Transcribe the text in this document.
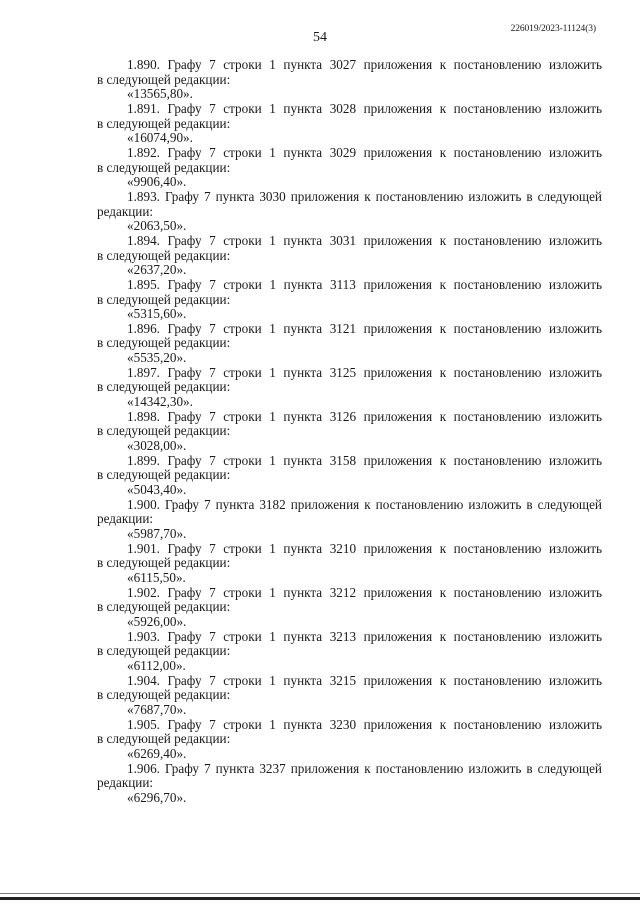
54
226019/2023-11124(3)
1.890. Графу 7 строки 1 пункта 3027 приложения к постановлению изложить
в следующей редакции:
«13565,80».
1.891. Графу 7 строки 1 пункта 3028 приложения к постановлению изложить
в следующей редакции:
«16074,90».
1.892. Графу 7 строки 1 пункта 3029 приложения к постановлению изложить
в следующей редакции:
«9906,40».
1.893. Графу 7 пункта 3030 приложения к постановлению изложить в следующей
редакции:
«2063,50».
1.894. Графу 7 строки 1 пункта 3031 приложения к постановлению изложить
в следующей редакции:
«2637,20».
1.895. Графу 7 строки 1 пункта 3113 приложения к постановлению изложить
в следующей редакции:
«5315,60».
1.896. Графу 7 строки 1 пункта 3121 приложения к постановлению изложить
в следующей редакции:
«5535,20».
1.897. Графу 7 строки 1 пункта 3125 приложения к постановлению изложить
в следующей редакции:
«14342,30».
1.898. Графу 7 строки 1 пункта 3126 приложения к постановлению изложить
в следующей редакции:
«3028,00».
1.899. Графу 7 строки 1 пункта 3158 приложения к постановлению изложить
в следующей редакции:
«5043,40».
1.900. Графу 7 пункта 3182 приложения к постановлению изложить в следующей
редакции:
«5987,70».
1.901. Графу 7 строки 1 пункта 3210 приложения к постановлению изложить
в следующей редакции:
«6115,50».
1.902. Графу 7 строки 1 пункта 3212 приложения к постановлению изложить
в следующей редакции:
«5926,00».
1.903. Графу 7 строки 1 пункта 3213 приложения к постановлению изложить
в следующей редакции:
«6112,00».
1.904. Графу 7 строки 1 пункта 3215 приложения к постановлению изложить
в следующей редакции:
«7687,70».
1.905. Графу 7 строки 1 пункта 3230 приложения к постановлению изложить
в следующей редакции:
«6269,40».
1.906. Графу 7 пункта 3237 приложения к постановлению изложить в следующей
редакции:
«6296,70».
